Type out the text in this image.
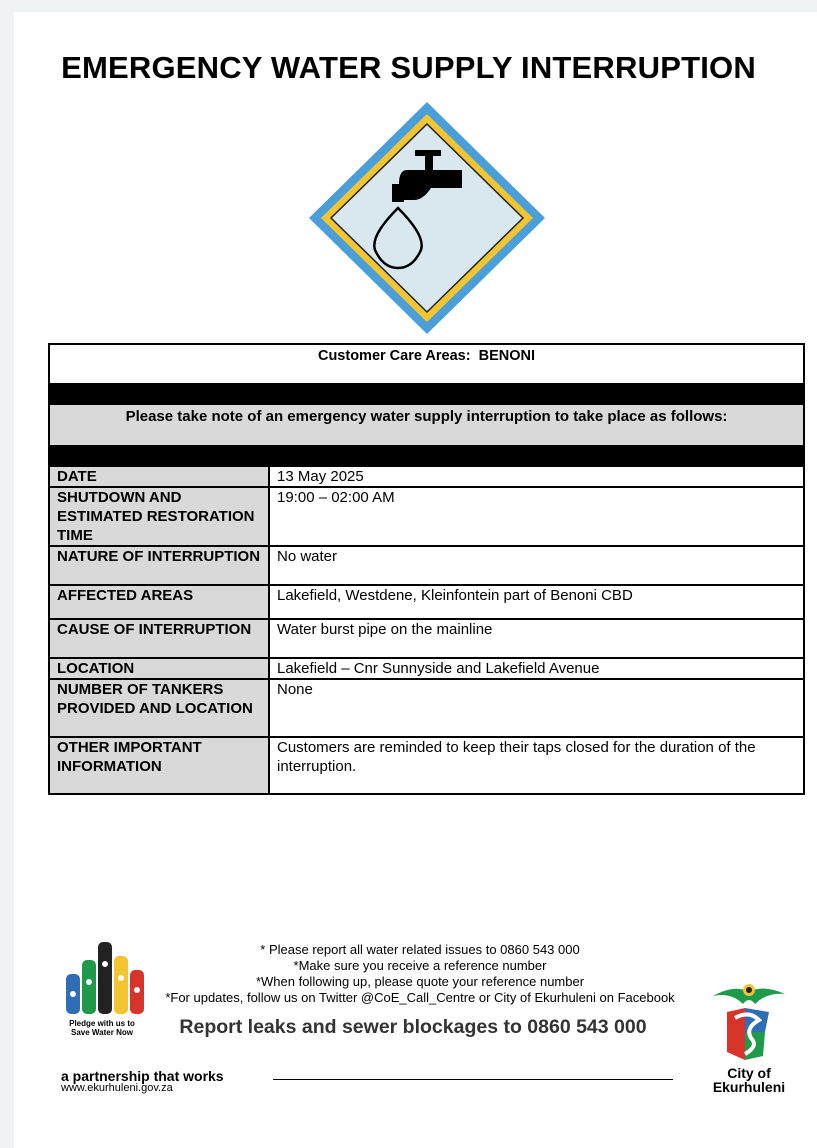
EMERGENCY WATER SUPPLY INTERRUPTION
Customer Care Areas: BENONI
Please take note of an emergency water supply interruption to take place as follows:
DATE	13 May 2025
SHUTDOWN AND ESTIMATED RESTORATION TIME	19:00 – 02:00 AM
NATURE OF INTERRUPTION	No water
AFFECTED AREAS	Lakefield, Westdene, Kleinfontein part of Benoni CBD
CAUSE OF INTERRUPTION	Water burst pipe on the mainline
LOCATION	Lakefield – Cnr Sunnyside and Lakefield Avenue
NUMBER OF TANKERS PROVIDED AND LOCATION	None
OTHER IMPORTANT INFORMATION	Customers are reminded to keep their taps closed for the duration of the interruption.
Pledge with us to
Save Water Now
* Please report all water related issues to 0860 543 000
*Make sure you receive a reference number
*When following up, please quote your reference number
*For updates, follow us on Twitter @CoE_Call_Centre or City of Ekurhuleni on Facebook
Report leaks and sewer blockages to 0860 543 000
a partnership that works
www.ekurhuleni.gov.za
City of
Ekurhuleni
